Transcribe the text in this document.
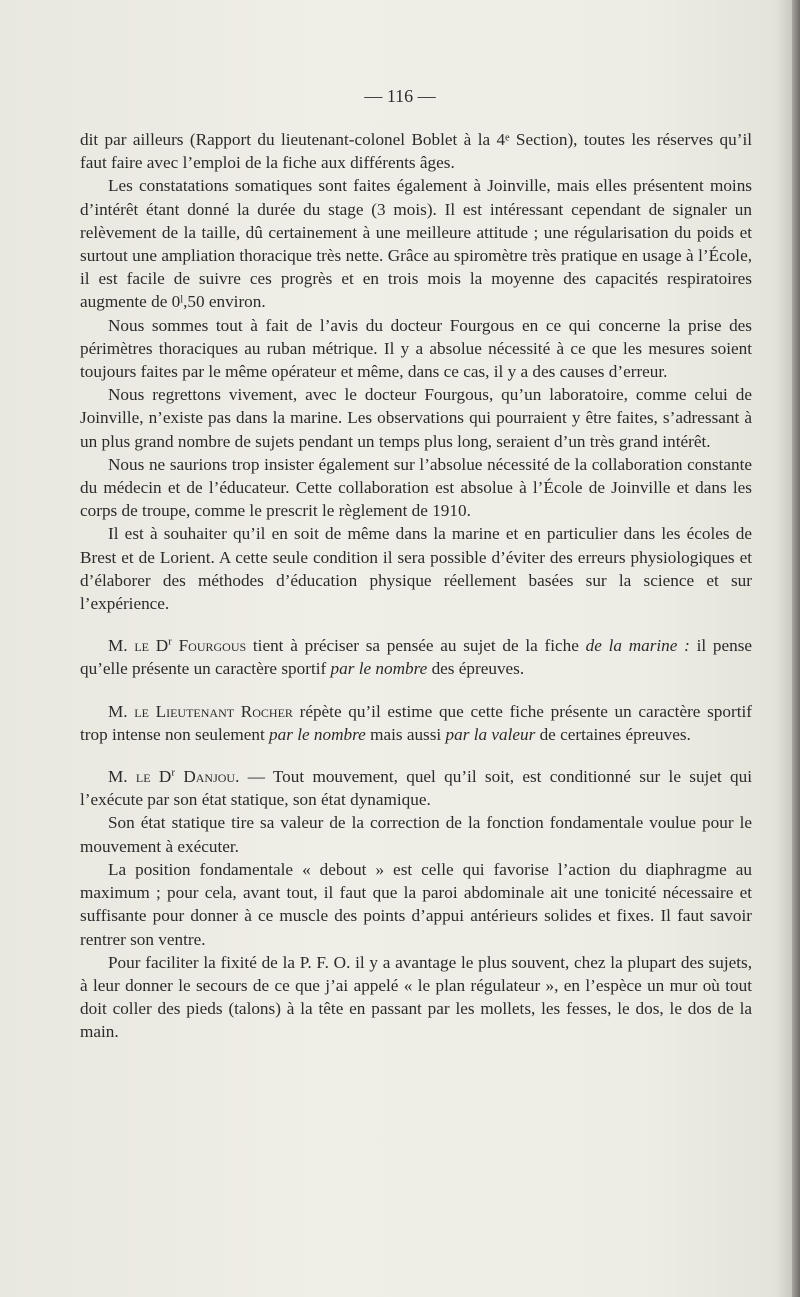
— 116 —

dit par ailleurs (Rapport du lieutenant-colonel Boblet à la 4ᵉ Section), toutes les réserves qu’il faut faire avec l’emploi de la fiche aux différents âges.

Les constatations somatiques sont faites également à Joinville, mais elles présentent moins d’intérêt étant donné la durée du stage (3 mois). Il est intéressant cependant de signaler un relèvement de la taille, dû certainement à une meilleure attitude ; une régularisation du poids et surtout une ampliation thoracique très nette. Grâce au spiromètre très pratique en usage à l’École, il est facile de suivre ces progrès et en trois mois la moyenne des capacités respiratoires augmente de 0ˡ,50 environ.

Nous sommes tout à fait de l’avis du docteur Fourgous en ce qui concerne la prise des périmètres thoraciques au ruban métrique. Il y a absolue nécessité à ce que les mesures soient toujours faites par le même opérateur et même, dans ce cas, il y a des causes d’erreur.

Nous regrettons vivement, avec le docteur Fourgous, qu’un laboratoire, comme celui de Joinville, n’existe pas dans la marine. Les observations qui pourraient y être faites, s’adressant à un plus grand nombre de sujets pendant un temps plus long, seraient d’un très grand intérêt.

Nous ne saurions trop insister également sur l’absolue nécessité de la collaboration constante du médecin et de l’éducateur. Cette collaboration est absolue à l’École de Joinville et dans les corps de troupe, comme le prescrit le règlement de 1910.

Il est à souhaiter qu’il en soit de même dans la marine et en particulier dans les écoles de Brest et de Lorient. A cette seule condition il sera possible d’éviter des erreurs physiologiques et d’élaborer des méthodes d’éducation physique réellement basées sur la science et sur l’expérience.

M. le $D^r$ Fourgous tient à préciser sa pensée au sujet de la fiche de la marine : il pense qu’elle présente un caractère sportif par le nombre des épreuves.

M. le Lieutenant Rocher répète qu’il estime que cette fiche présente un caractère sportif trop intense non seulement par le nombre mais aussi par la valeur de certaines épreuves.

M. le $D^r$ Danjou. — Tout mouvement, quel qu’il soit, est conditionné sur le sujet qui l’exécute par son état statique, son état dynamique.

Son état statique tire sa valeur de la correction de la fonction fondamentale voulue pour le mouvement à exécuter.

La position fondamentale « debout » est celle qui favorise l’action du diaphragme au maximum ; pour cela, avant tout, il faut que la paroi abdominale ait une tonicité nécessaire et suffisante pour donner à ce muscle des points d’appui antérieurs solides et fixes. Il faut savoir rentrer son ventre.

Pour faciliter la fixité de la P. F. O. il y a avantage le plus souvent, chez la plupart des sujets, à leur donner le secours de ce que j’ai appelé « le plan régulateur », en l’espèce un mur où tout doit coller des pieds (talons) à la tête en passant par les mollets, les fesses, le dos, le dos de la main.
